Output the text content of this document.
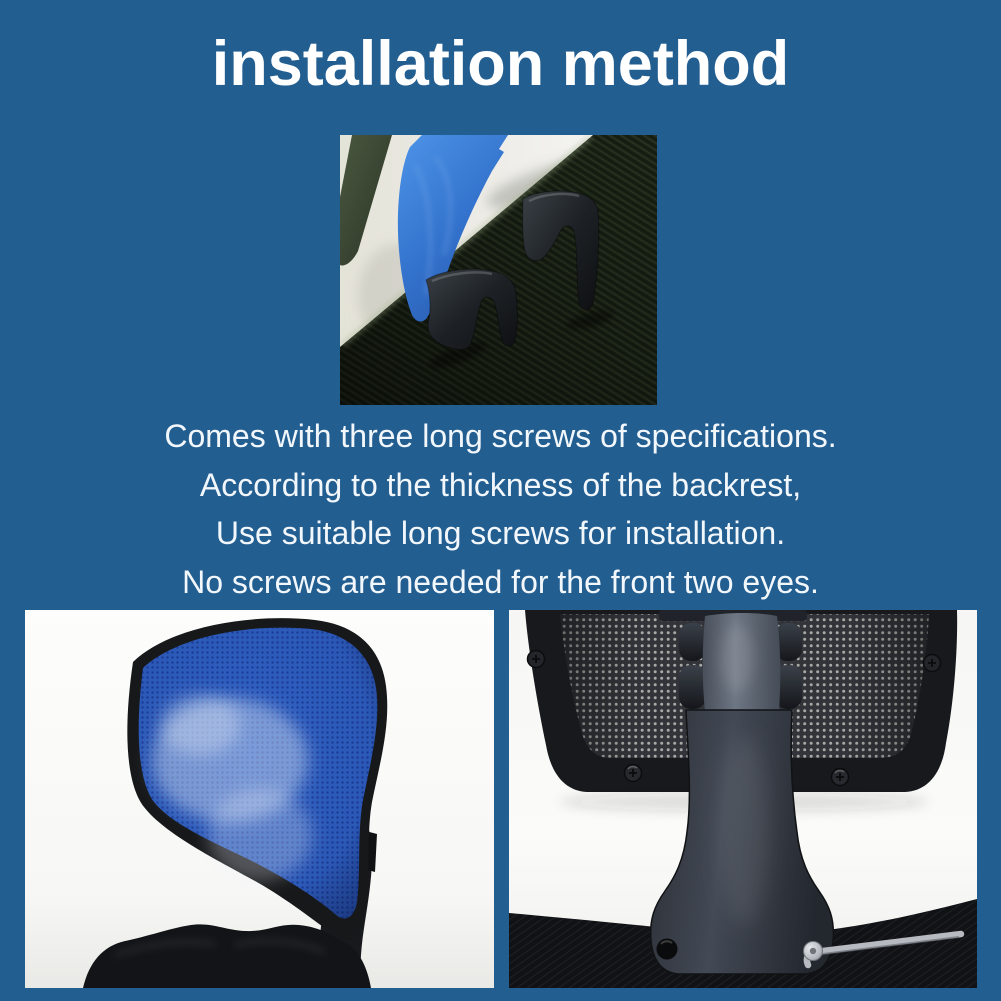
installation method

Comes with three long screws of specifications.

According to the thickness of the backrest,

Use suitable long screws for installation.

No screws are needed for the front two eyes.
